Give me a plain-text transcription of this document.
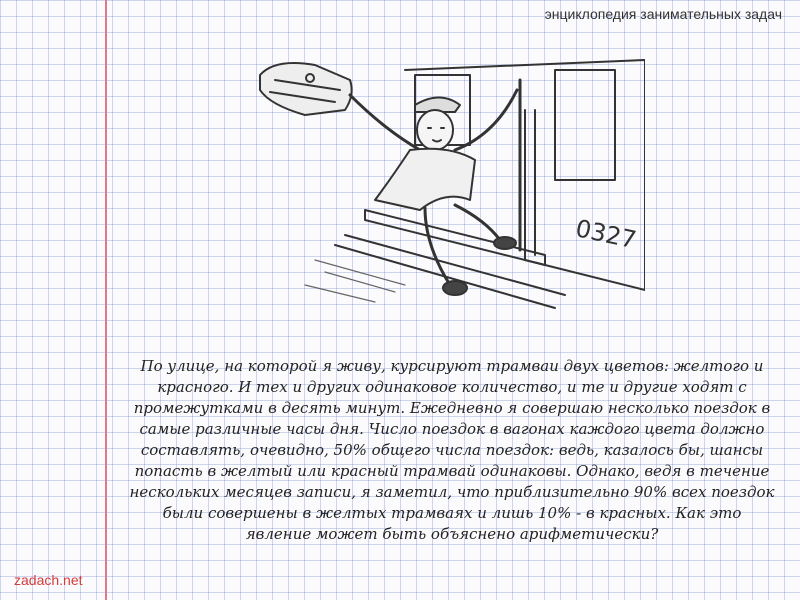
энциклопедия занимательных задач
0327
По улице, на которой я живу, курсируют трамваи двух цветов: желтого и красного. И тех и других одинаковое количество, и те и другие ходят с промежутками в десять минут. Ежедневно я совершаю несколько поездок в самые различные часы дня. Число поездок в вагонах каждого цвета должно составлять, очевидно, 50% общего числа поездок: ведь, казалось бы, шансы попасть в желтый или красный трамвай одинаковы. Однако, ведя в течение нескольких месяцев записи, я заметил, что приблизительно 90% всех поездок были совершены в желтых трамваях и лишь 10% - в красных. Как это явление может быть объяснено арифметически?
zadach.net
